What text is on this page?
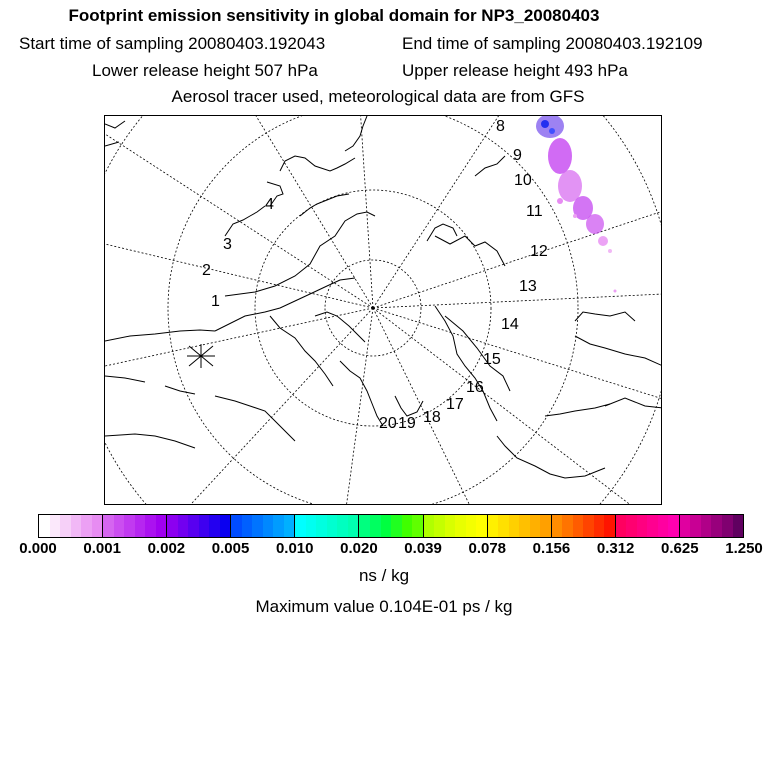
Footprint emission sensitivity in global domain for NP3_20080403
Start time of sampling 20080403.192043	End time of sampling 20080403.192109
Lower release height 507 hPa	Upper release height 493 hPa
Aerosol tracer used, meteorological data are from GFS
1
2
3
4
8
9
10
11
12
13
14
15
16
17
18
19
20
0.000 0.001 0.002 0.005 0.010 0.020 0.039 0.078 0.156 0.312 0.625 1.250
ns / kg
Maximum value 0.104E-01 ps / kg
